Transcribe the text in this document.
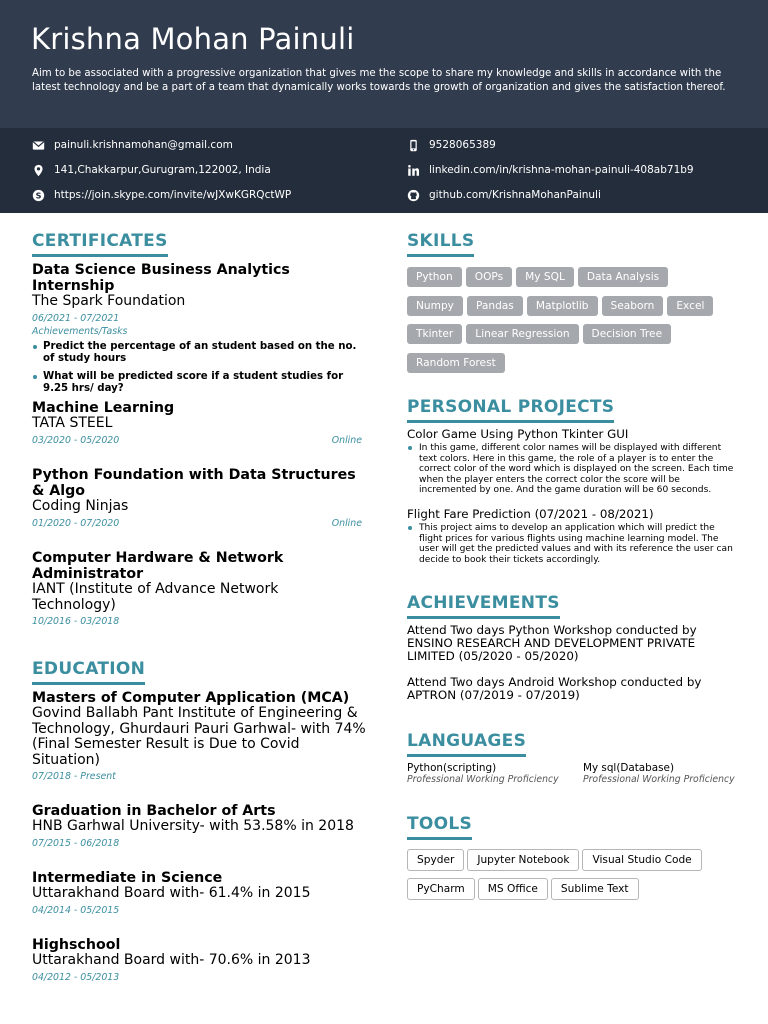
Krishna Mohan Painuli
Aim to be associated with a progressive organization that gives me the scope to share my knowledge and skills in accordance with the latest technology and be a part of a team that dynamically works towards the growth of organization and gives the satisfaction thereof.
painuli.krishnamohan@gmail.com	9528065389
141,Chakkarpur,Gurugram,122002, India	linkedin.com/in/krishna-mohan-painuli-408ab71b9
S https://join.skype.com/invite/wJXwKGRQctWP	github.com/KrishnaMohanPainuli
CERTIFICATES
Data Science Business Analytics Internship
The Spark Foundation
06/2021 - 07/2021
Achievements/Tasks
Predict the percentage of an student based on the no. of study hours
What will be predicted score if a student studies for 9.25 hrs/ day?
Machine Learning
TATA STEEL
03/2020 - 05/2020	Online
Python Foundation with Data Structures & Algo
Coding Ninjas
01/2020 - 07/2020	Online
Computer Hardware & Network Administrator
IANT (Institute of Advance Network Technology)
10/2016 - 03/2018
EDUCATION
Masters of Computer Application (MCA)
Govind Ballabh Pant Institute of Engineering & Technology, Ghurdauri Pauri Garhwal- with 74% (Final Semester Result is Due to Covid Situation)
07/2018 - Present
Graduation in Bachelor of Arts
HNB Garhwal University- with 53.58% in 2018
07/2015 - 06/2018
Intermediate in Science
Uttarakhand Board with- 61.4% in 2015
04/2014 - 05/2015
Highschool
Uttarakhand Board with- 70.6% in 2013
04/2012 - 05/2013
SKILLS
Python OOPs My SQL Data Analysis
Numpy Pandas Matplotlib Seaborn Excel
Tkinter Linear Regression Decision Tree
Random Forest
PERSONAL PROJECTS
Color Game Using Python Tkinter GUI
In this game, different color names will be displayed with different text colors. Here in this game, the role of a player is to enter the correct color of the word which is displayed on the screen. Each time when the player enters the correct color the score will be incremented by one. And the game duration will be 60 seconds.
Flight Fare Prediction (07/2021 - 08/2021)
This project aims to develop an application which will predict the flight prices for various flights using machine learning model. The user will get the predicted values and with its reference the user can decide to book their tickets accordingly.
ACHIEVEMENTS
Attend Two days Python Workshop conducted by ENSINO RESEARCH AND DEVELOPMENT PRIVATE LIMITED (05/2020 - 05/2020)
Attend Two days Android Workshop conducted by APTRON (07/2019 - 07/2019)
LANGUAGES
Python(scripting)
Professional Working Proficiency
My sql(Database)
Professional Working Proficiency
TOOLS
Spyder Jupyter Notebook Visual Studio Code
PyCharm MS Office Sublime Text
